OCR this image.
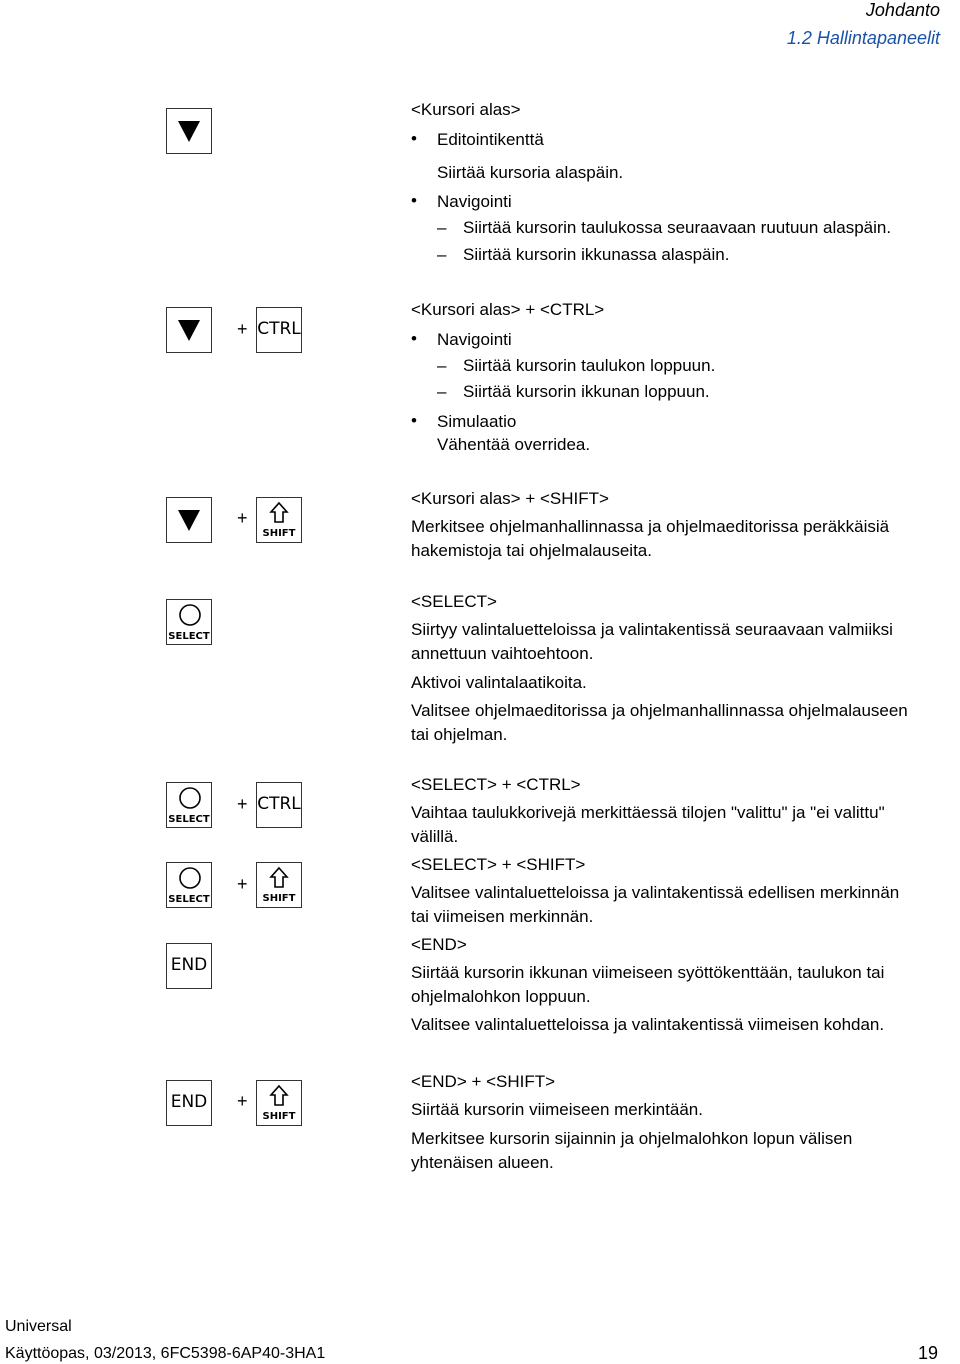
Johdanto
1.2 Hallintapaneelit
<Kursori alas>
• Editointikenttä
Siirtää kursoria alaspäin.
• Navigointi
– Siirtää kursorin taulukossa seuraavaan ruutuun alaspäin.
– Siirtää kursorin ikkunassa alaspäin.
+ CTRL
<Kursori alas> + <CTRL>
• Navigointi
– Siirtää kursorin taulukon loppuun.
– Siirtää kursorin ikkunan loppuun.
• Simulaatio
Vähentää overridea.
+
SHIFT
<Kursori alas> + <SHIFT>
Merkitsee ohjelmanhallinnassa ja ohjelmaeditorissa peräkkäisiä
hakemistoja tai ohjelmalauseita.
SELECT
<SELECT>
Siirtyy valintaluetteloissa ja valintakentissä seuraavaan valmiiksi
annettuun vaihtoehtoon.
Aktivoi valintalaatikoita.
Valitsee ohjelmaeditorissa ja ohjelmanhallinnassa ohjelmalauseen
tai ohjelman.
SELECT
+ CTRL
SELECT
+
SHIFT
END
<SELECT> + <CTRL>
Vaihtaa taulukkorivejä merkittäessä tilojen "valittu" ja "ei valittu"
välillä.
<SELECT> + <SHIFT>
Valitsee valintaluetteloissa ja valintakentissä edellisen merkinnän
tai viimeisen merkinnän.
<END>
Siirtää kursorin ikkunan viimeiseen syöttökenttään, taulukon tai
ohjelmalohkon loppuun.
Valitsee valintaluetteloissa ja valintakentissä viimeisen kohdan.
END +
SHIFT
<END> + <SHIFT>
Siirtää kursorin viimeiseen merkintään.
Merkitsee kursorin sijainnin ja ohjelmalohkon lopun välisen
yhtenäisen alueen.
Universal
Käyttöopas, 03/2013, 6FC5398-6AP40-3HA1	19
